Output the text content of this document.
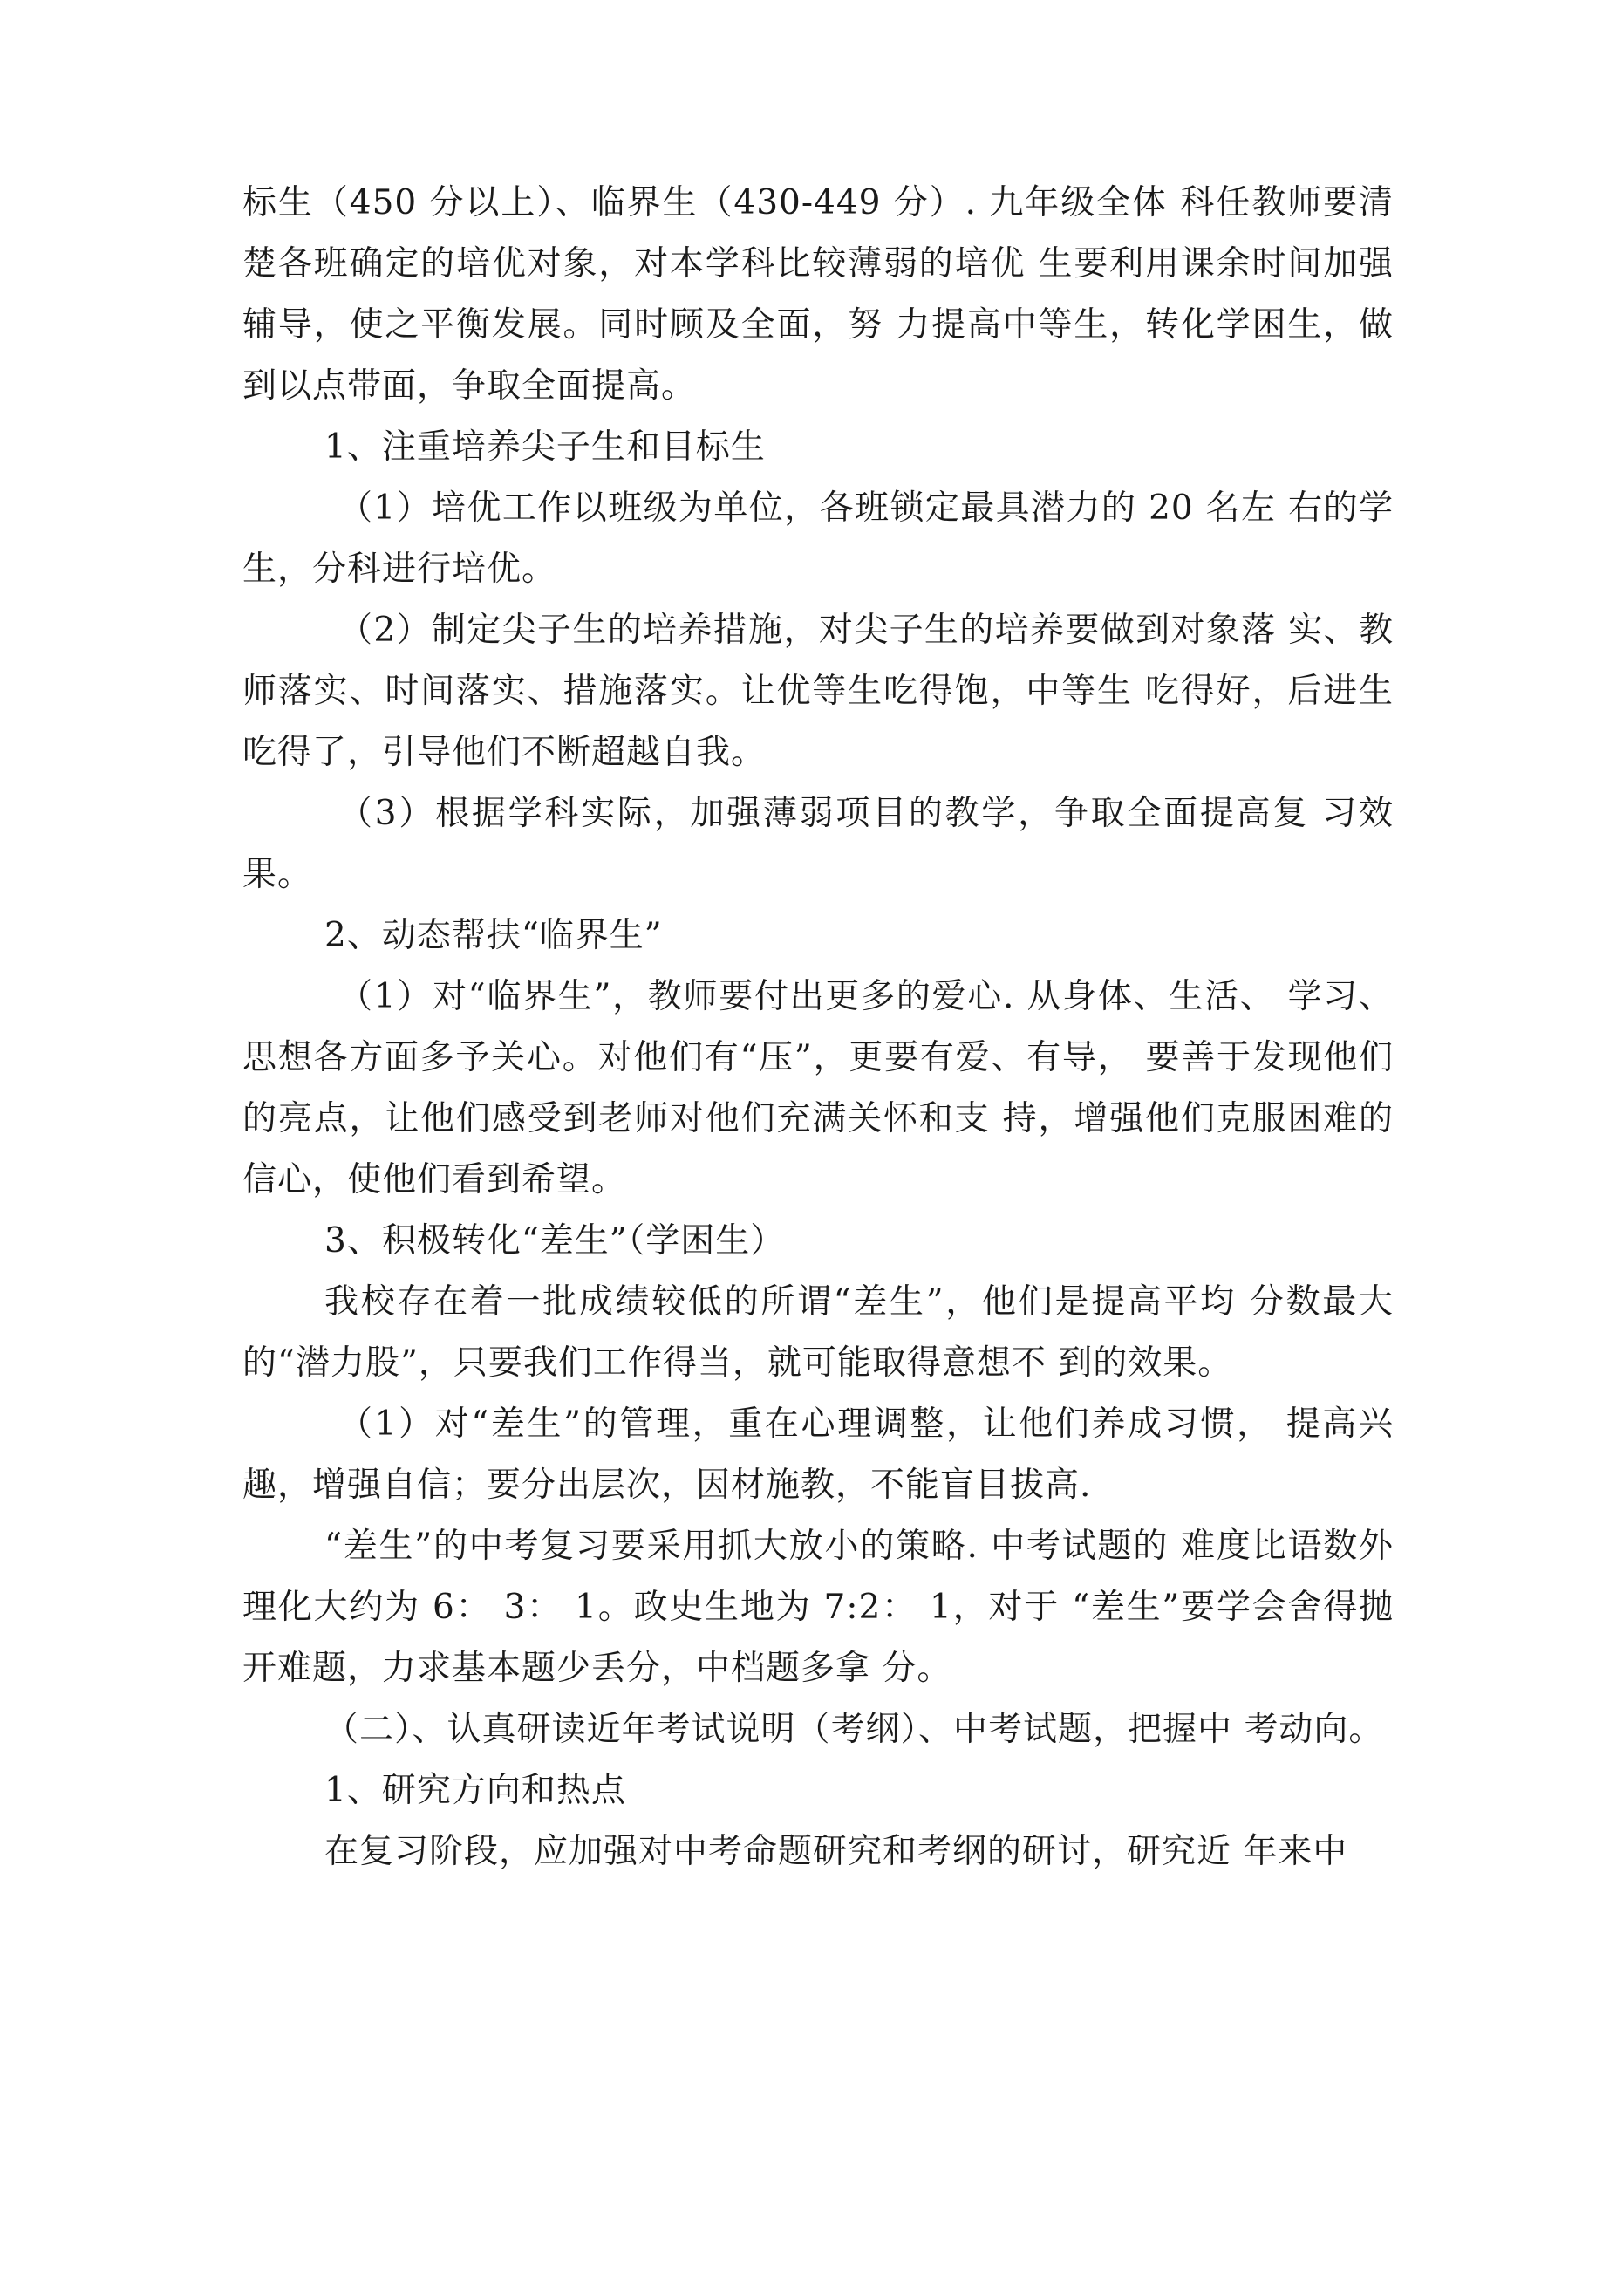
标生（450 分以上）、临界生（430-449 分）. 九年级全体 科任教师要清楚各班确定的培优对象，对本学科比较薄弱的培优 生要利用课余时间加强辅导，使之平衡发展。同时顾及全面，努 力提高中等生，转化学困生，做到以点带面，争取全面提高。

1、注重培养尖子生和目标生

（1）培优工作以班级为单位，各班锁定最具潜力的 20 名左 右的学生，分科进行培优。

（2）制定尖子生的培养措施，对尖子生的培养要做到对象落 实、教师落实、时间落实、措施落实。让优等生吃得饱，中等生 吃得好，后进生吃得了，引导他们不断超越自我。

（3）根据学科实际，加强薄弱项目的教学，争取全面提高复 习效果。

2、动态帮扶“临界生”

（1）对“临界生”，教师要付出更多的爱心. 从身体、生活、 学习、思想各方面多予关心。对他们有“压”，更要有爱、有导， 要善于发现他们的亮点，让他们感受到老师对他们充满关怀和支 持，增强他们克服困难的信心，使他们看到希望。

3、积极转化“差生”（学困生）

我校存在着一批成绩较低的所谓“差生”，他们是提高平均 分数最大的“潜力股”，只要我们工作得当，就可能取得意想不 到的效果。

（1）对“差生”的管理，重在心理调整，让他们养成习惯， 提高兴趣，增强自信；要分出层次，因材施教，不能盲目拔高.

“差生”的中考复习要采用抓大放小的策略. 中考试题的 难度比语数外理化大约为 6： 3： 1。政史生地为 7:2： 1，对于 “差生”要学会舍得抛开难题，力求基本题少丢分，中档题多拿 分。

（二）、认真研读近年考试说明（考纲）、中考试题，把握中 考动向。

1、研究方向和热点

在复习阶段，应加强对中考命题研究和考纲的研讨，研究近 年来中
